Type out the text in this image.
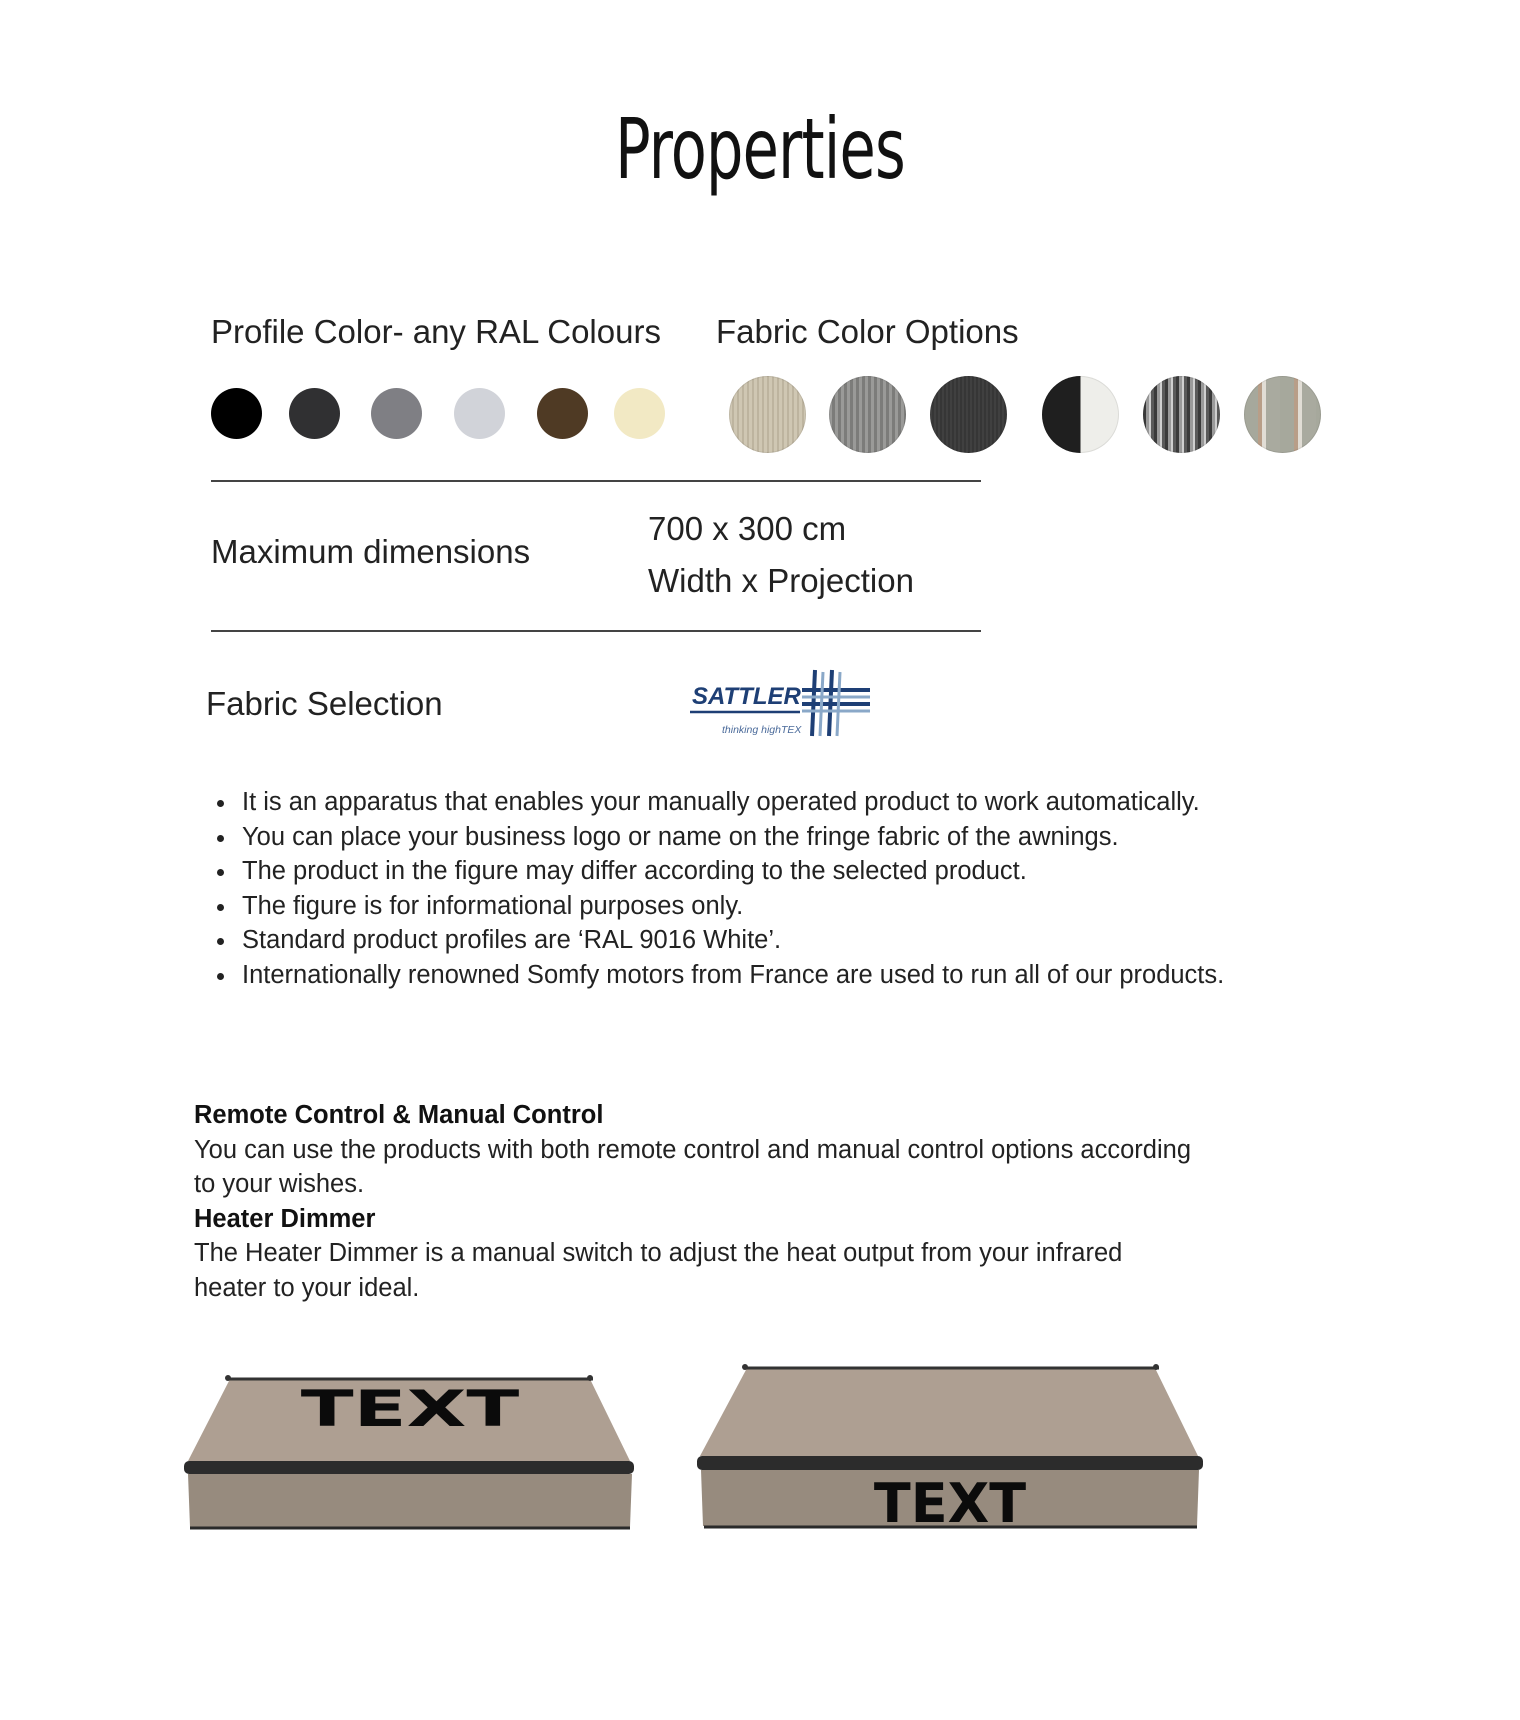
Properties
Profile Color- any RAL Colours Fabric Color Options
Maximum dimensions
700 x 300 cm
Width x Projection
Fabric Selection	SATTLER
thinking highTEX
• It is an apparatus that enables your manually operated product to work automatically.
• You can place your business logo or name on the fringe fabric of the awnings.
• The product in the figure may differ according to the selected product.
• The figure is for informational purposes only.
• Standard product profiles are ‘RAL 9016 White’.
• Internationally renowned Somfy motors from France are used to run all of our products.
Remote Control & Manual Control
You can use the products with both remote control and manual control options according to your wishes.
Heater Dimmer
The Heater Dimmer is a manual switch to adjust the heat output from your infrared heater to your ideal.
TEXT
TEXT
